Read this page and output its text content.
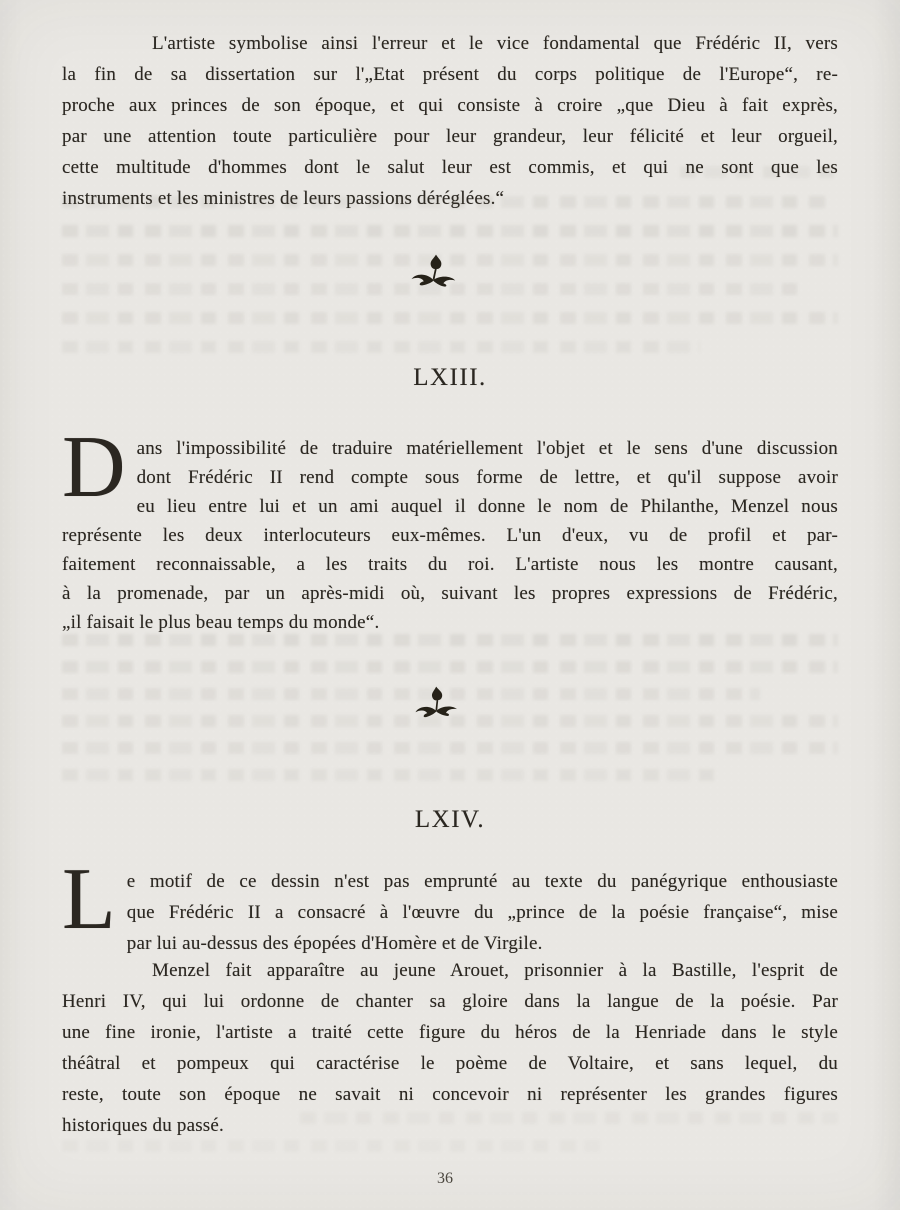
L'artiste symbolise ainsi l'erreur et le vice fondamental que Frédéric II, vers
la fin de sa dissertation sur l'„Etat présent du corps politique de l'Europe“, re-
proche aux princes de son époque, et qui consiste à croire „que Dieu à fait exprès,
par une attention toute particulière pour leur grandeur, leur félicité et leur orgueil,
cette multitude d'hommes dont le salut leur est commis, et qui ne sont que les
instruments et les ministres de leurs passions déréglées.“
LXIII.
D ans l'impossibilité de traduire matériellement l'objet et le sens d'une discussion
dont Frédéric II rend compte sous forme de lettre, et qu'il suppose avoir
eu lieu entre lui et un ami auquel il donne le nom de Philanthe, Menzel nous
représente les deux interlocuteurs eux-mêmes. L'un d'eux, vu de profil et par-
faitement reconnaissable, a les traits du roi. L'artiste nous les montre causant,
à la promenade, par un après-midi où, suivant les propres expressions de Frédéric,
„il faisait le plus beau temps du monde“.
LXIV.
L e motif de ce dessin n'est pas emprunté au texte du panégyrique enthousiaste
que Frédéric II a consacré à l'œuvre du „prince de la poésie française“, mise
par lui au-dessus des épopées d'Homère et de Virgile.
Menzel fait apparaître au jeune Arouet, prisonnier à la Bastille, l'esprit de
Henri IV, qui lui ordonne de chanter sa gloire dans la langue de la poésie. Par
une fine ironie, l'artiste a traité cette figure du héros de la Henriade dans le style
théâtral et pompeux qui caractérise le poème de Voltaire, et sans lequel, du
reste, toute son époque ne savait ni concevoir ni représenter les grandes figures
historiques du passé.
36
